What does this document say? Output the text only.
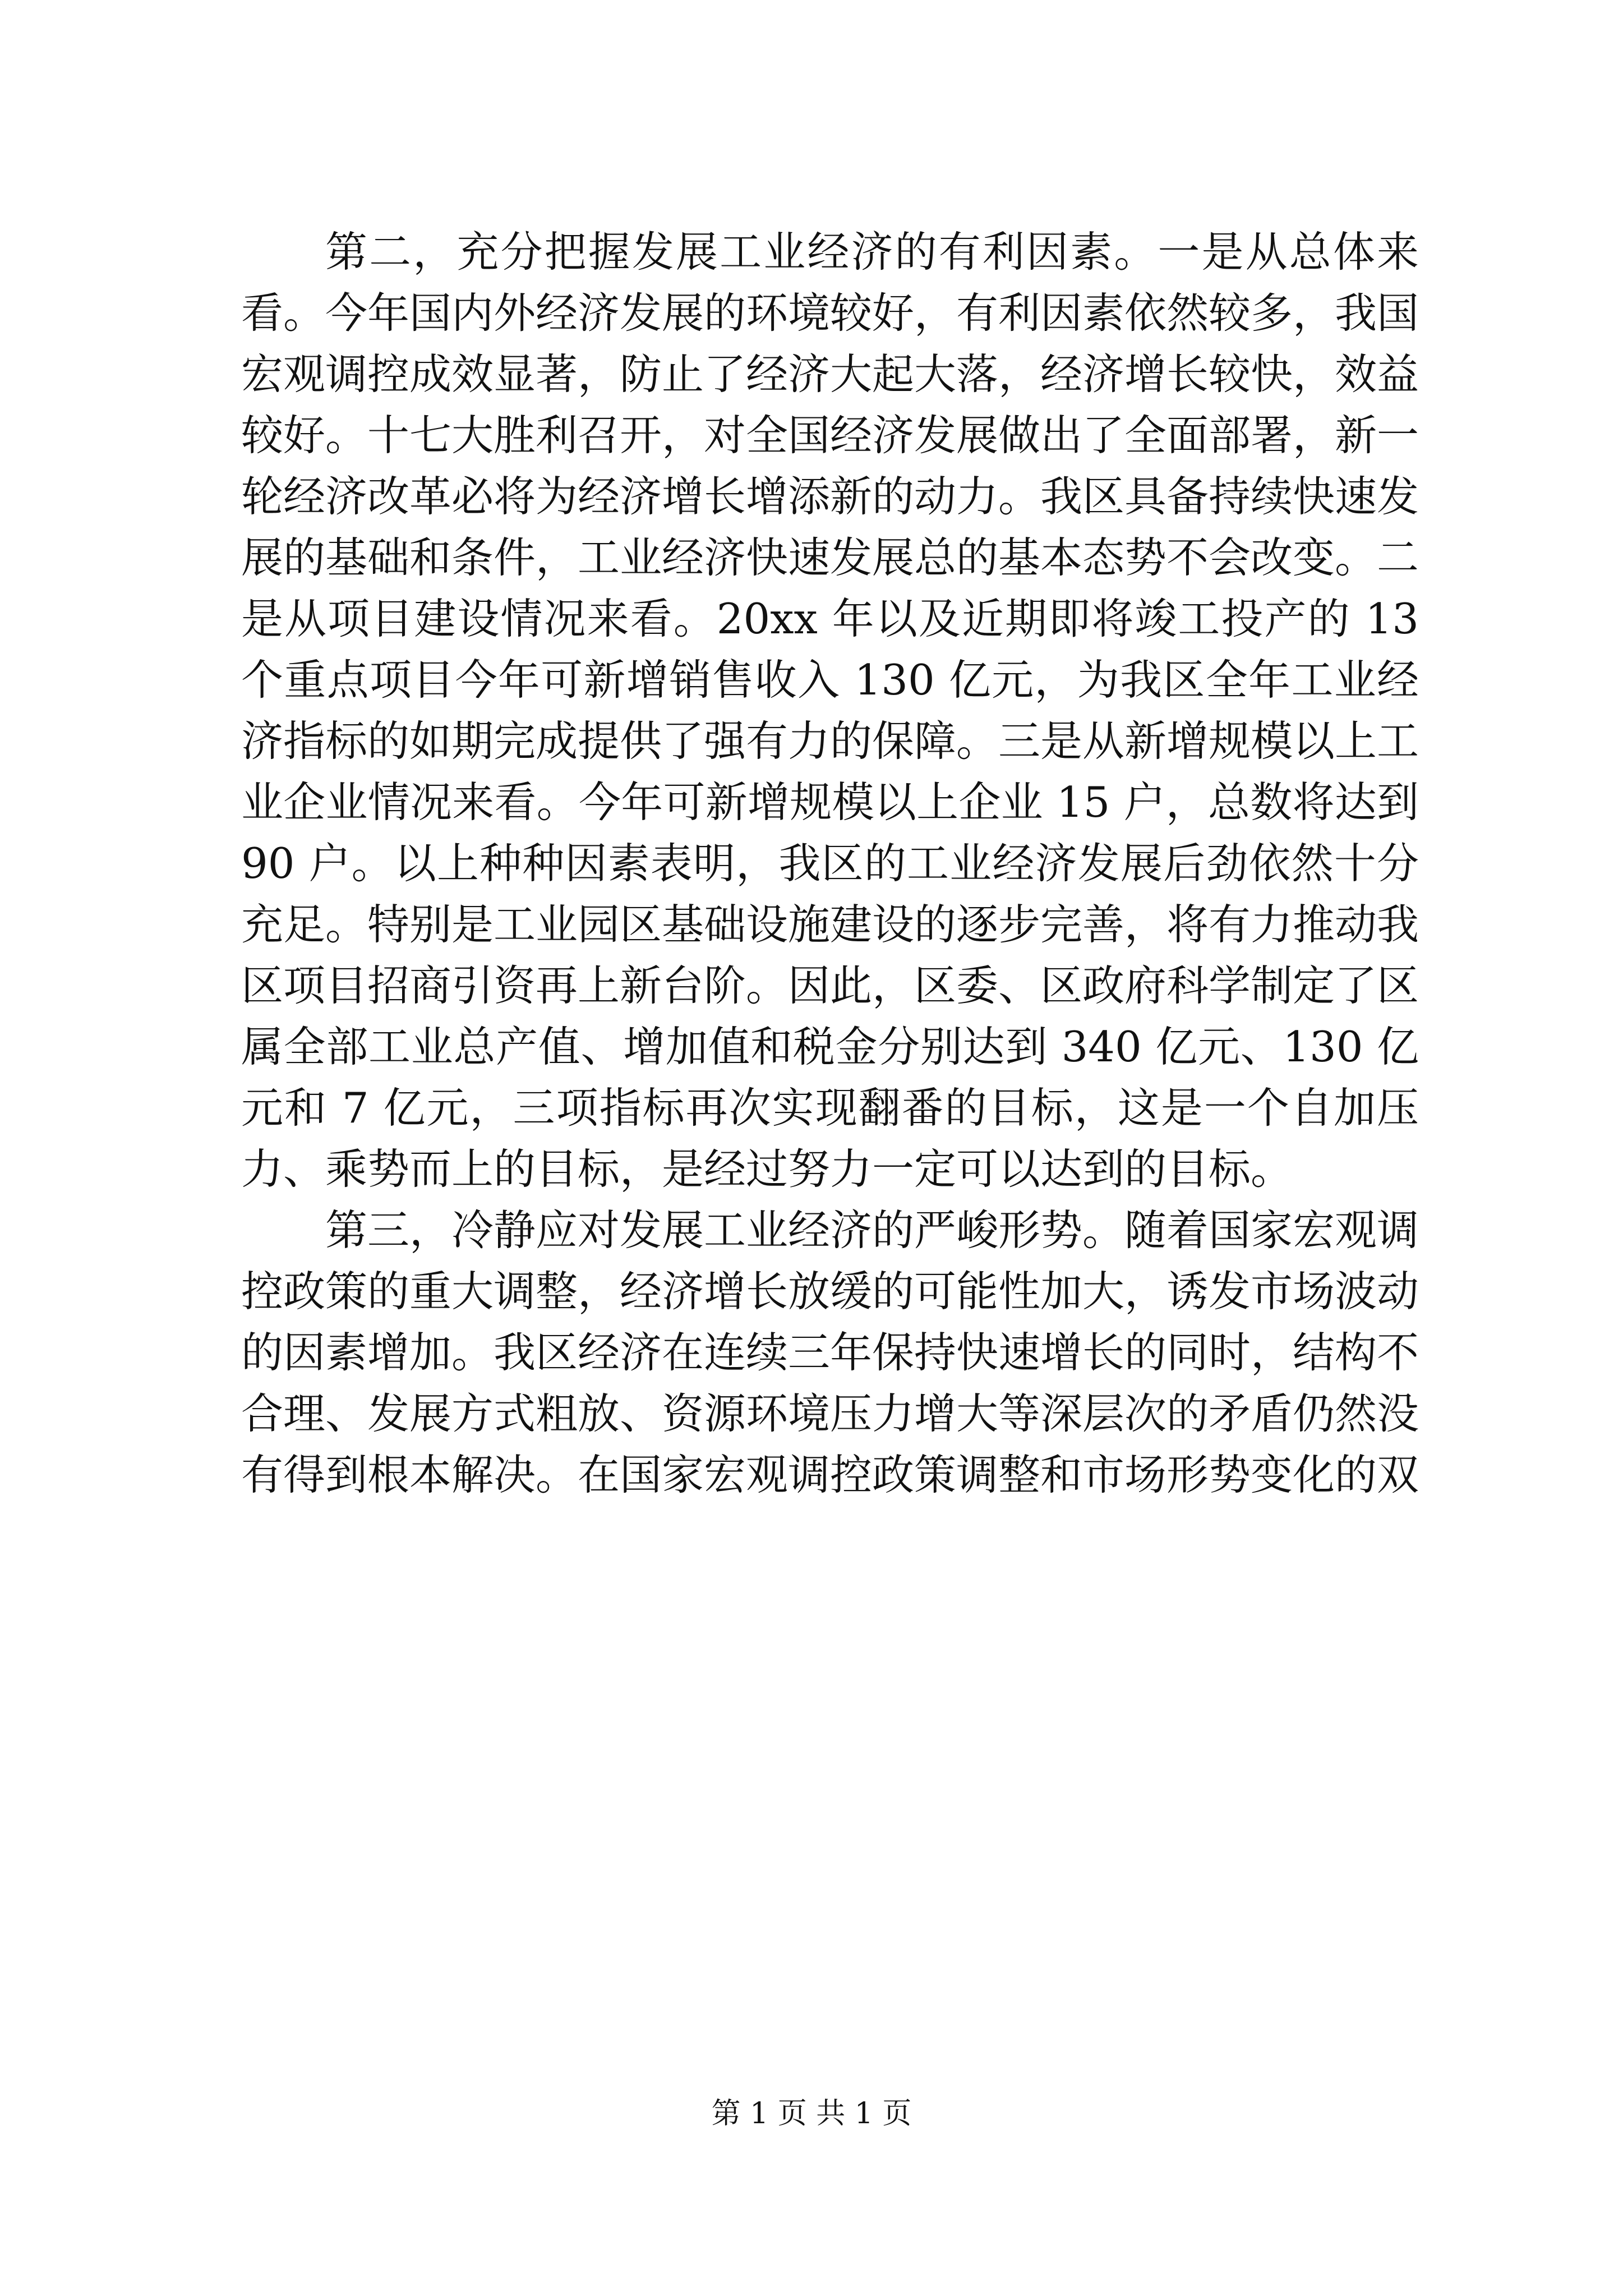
第二，充分把握发展工业经济的有利因素。一是从总体来看。今年国内外经济发展的环境较好，有利因素依然较多，我国宏观调控成效显著，防止了经济大起大落，经济增长较快，效益较好。十七大胜利召开，对全国经济发展做出了全面部署，新一轮经济改革必将为经济增长增添新的动力。我区具备持续快速发展的基础和条件，工业经济快速发展总的基本态势不会改变。二是从项目建设情况来看。20xx 年以及近期即将竣工投产的 13 个重点项目今年可新增销售收入 130 亿元，为我区全年工业经济指标的如期完成提供了强有力的保障。三是从新增规模以上工业企业情况来看。今年可新增规模以上企业 15 户，总数将达到 90 户。以上种种因素表明，我区的工业经济发展后劲依然十分充足。特别是工业园区基础设施建设的逐步完善，将有力推动我区项目招商引资再上新台阶。因此，区委、区政府科学制定了区属全部工业总产值、增加值和税金分别达到 340 亿元、130 亿元和 7 亿元，三项指标再次实现翻番的目标，这是一个自加压力、乘势而上的目标，是经过努力一定可以达到的目标。

第三，冷静应对发展工业经济的严峻形势。随着国家宏观调控政策的重大调整，经济增长放缓的可能性加大，诱发市场波动的因素增加。我区经济在连续三年保持快速增长的同时，结构不合理、发展方式粗放、资源环境压力增大等深层次的矛盾仍然没有得到根本解决。在国家宏观调控政策调整和市场形势变化的双

第 1 页 共 1 页
